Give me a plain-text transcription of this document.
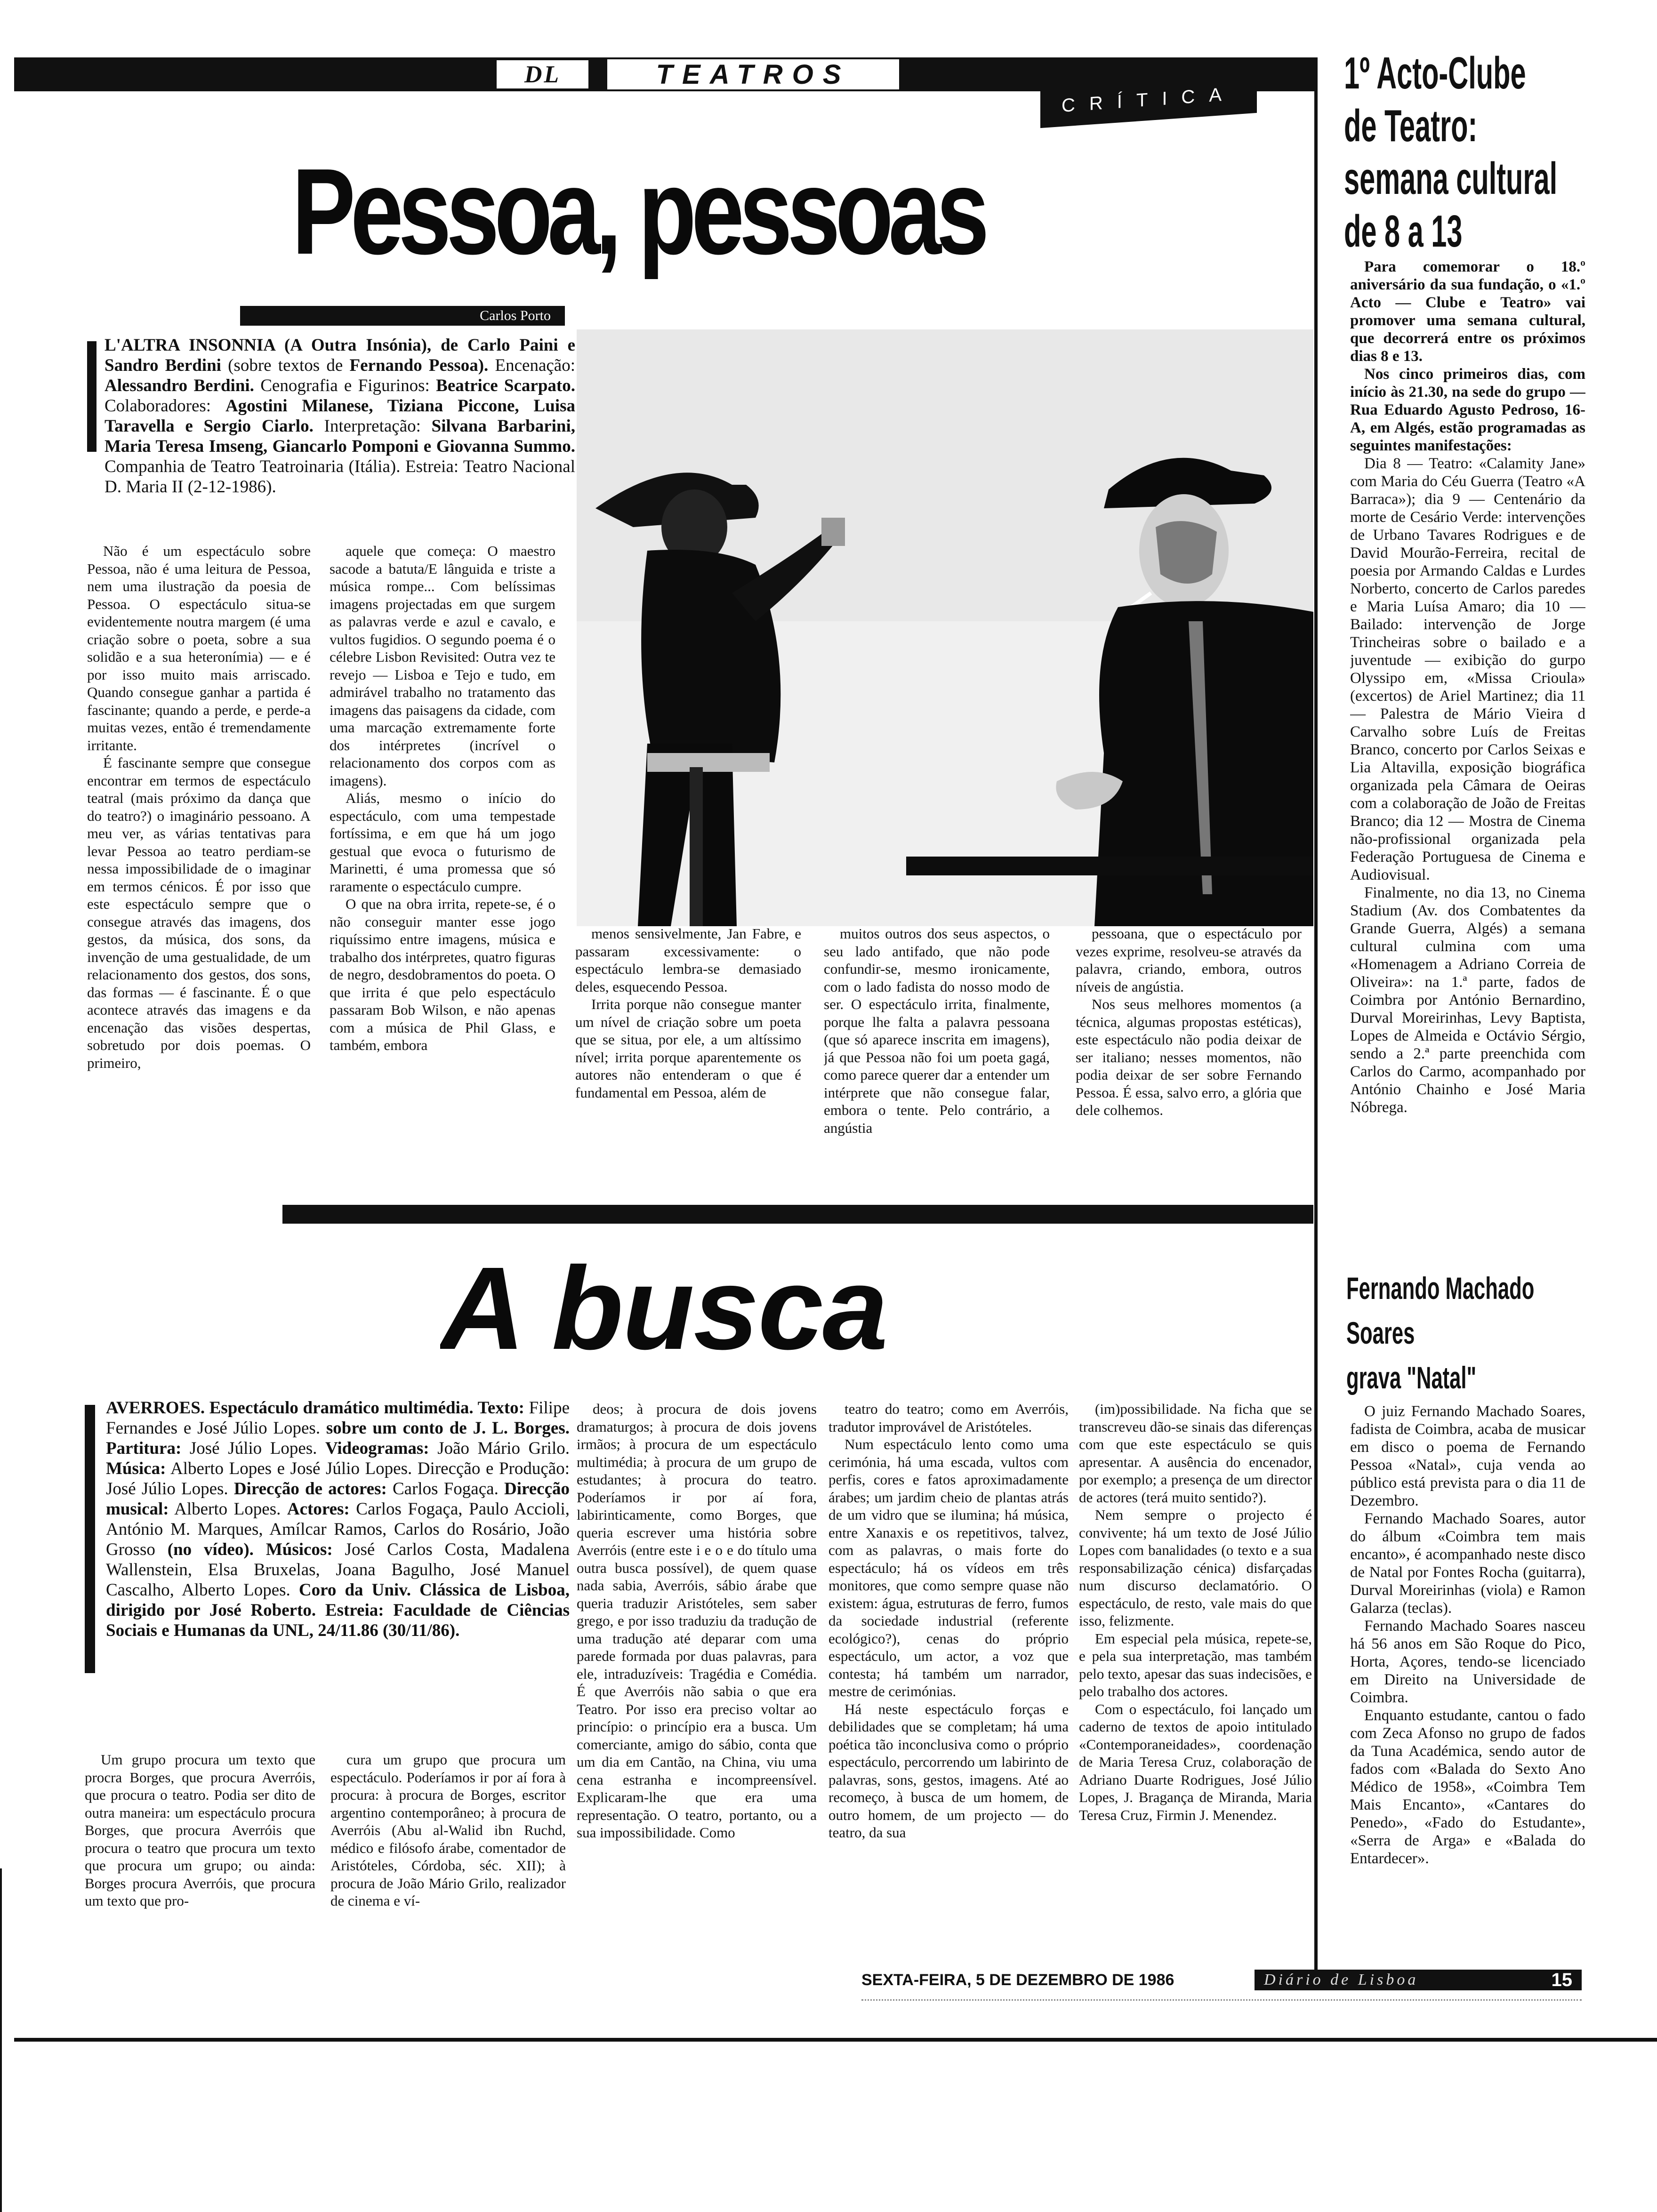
DL	TEATROS
CRÍTICA
Pessoa, pessoas
Carlos Porto
L'ALTRA INSONNIA (A Outra Insónia), de Carlo Paini e Sandro Berdini (sobre textos de Fernando Pessoa). Encenação: Alessandro Berdini. Cenografia e Figurinos: Beatrice Scarpato. Colaboradores: Agostini Milanese, Tiziana Piccone, Luisa Taravella e Sergio Ciarlo. Interpretação: Silvana Barbarini, Maria Teresa Imseng, Giancarlo Pomponi e Giovanna Summo. Companhia de Teatro Teatroinaria (Itália). Estreia: Teatro Nacional D. Maria II (2-12-1986).

Não é um espectáculo sobre Pessoa, não é uma leitura de Pessoa, nem uma ilustração da poesia de Pessoa. O espectáculo situa-se evidentemente noutra margem (é uma criação sobre o poeta, sobre a sua solidão e a sua heteronímia) — e é por isso muito mais arriscado. Quando consegue ganhar a partida é fascinante; quando a perde, e perde-a muitas vezes, então é tremendamente irritante.

É fascinante sempre que consegue encontrar em termos de espectáculo teatral (mais próximo da dança que do teatro?) o imaginário pessoano. A meu ver, as várias tentativas para levar Pessoa ao teatro perdiam-se nessa impossibilidade de o imaginar em termos cénicos. É por isso que este espectáculo sempre que o consegue através das imagens, dos gestos, da música, dos sons, da invenção de uma gestualidade, de um relacionamento dos gestos, dos sons, das formas — é fascinante. É o que acontece através das imagens e da encenação das visões despertas, sobretudo por dois poemas. O primeiro,

aquele que começa: O maestro sacode a batuta/E lânguida e triste a música rompe... Com belíssimas imagens projectadas em que surgem as palavras verde e azul e cavalo, e vultos fugidios. O segundo poema é o célebre Lisbon Revisited: Outra vez te revejo — Lisboa e Tejo e tudo, em admirável trabalho no tratamento das imagens das paisagens da cidade, com uma marcação extremamente forte dos intérpretes (incrível o relacionamento dos corpos com as imagens).

Aliás, mesmo o início do espectáculo, com uma tempestade fortíssima, e em que há um jogo gestual que evoca o futurismo de Marinetti, é uma promessa que só raramente o espectáculo cumpre.

O que na obra irrita, repete-se, é o não conseguir manter esse jogo riquíssimo entre imagens, música e trabalho dos intérpretes, quatro figuras de negro, desdobramentos do poeta. O que irrita é que pelo espectáculo passaram Bob Wilson, e não apenas com a música de Phil Glass, e também, embora

menos sensivelmente, Jan Fabre, e passaram excessivamente: o espectáculo lembra-se demasiado deles, esquecendo Pessoa.

Irrita porque não consegue manter um nível de criação sobre um poeta que se situa, por ele, a um altíssimo nível; irrita porque aparentemente os autores não entenderam o que é fundamental em Pessoa, além de

muitos outros dos seus aspectos, o seu lado antifado, que não pode confundir-se, mesmo ironicamente, com o lado fadista do nosso modo de ser. O espectáculo irrita, finalmente, porque lhe falta a palavra pessoana (que só aparece inscrita em imagens), já que Pessoa não foi um poeta gagá, como parece querer dar a entender um intérprete que não consegue falar, embora o tente. Pelo contrário, a angústia

pessoana, que o espectáculo por vezes exprime, resolveu-se através da palavra, criando, embora, outros níveis de angústia.

Nos seus melhores momentos (a técnica, algumas propostas estéticas), este espectáculo não podia deixar de ser italiano; nesses momentos, não podia deixar de ser sobre Fernando Pessoa. É essa, salvo erro, a glória que dele colhemos.

A busca
AVERROES. Espectáculo dramático multimédia. Texto: Filipe Fernandes e José Júlio Lopes. sobre um conto de J. L. Borges. Partitura: José Júlio Lopes. Videogramas: João Mário Grilo. Música: Alberto Lopes e José Júlio Lopes. Direcção e Produção: José Júlio Lopes. Direcção de actores: Carlos Fogaça. Direcção musical: Alberto Lopes. Actores: Carlos Fogaça, Paulo Accioli, António M. Marques, Amílcar Ramos, Carlos do Rosário, João Grosso (no vídeo). Músicos: José Carlos Costa, Madalena Wallenstein, Elsa Bruxelas, Joana Bagulho, José Manuel Cascalho, Alberto Lopes. Coro da Univ. Clássica de Lisboa, dirigido por José Roberto. Estreia: Faculdade de Ciências Sociais e Humanas da UNL, 24/11.86 (30/11/86).

Um grupo procura um texto que procra Borges, que procura Averróis, que procura o teatro. Podia ser dito de outra maneira: um espectáculo procura Borges, que procura Averróis que procura o teatro que procura um texto que procura um grupo; ou ainda: Borges procura Averróis, que procura um texto que pro-

cura um grupo que procura um espectáculo. Poderíamos ir por aí fora à procura: à procura de Borges, escritor argentino contemporâneo; à procura de Averróis (Abu al-Walid ibn Ruchd, médico e filósofo árabe, comentador de Aristóteles, Córdoba, séc. XII); à procura de João Mário Grilo, realizador de cinema e ví-

deos; à procura de dois jovens dramaturgos; à procura de dois jovens irmãos; à procura de um espectáculo multimédia; à procura de um grupo de estudantes; à procura do teatro. Poderíamos ir por aí fora, labirinticamente, como Borges, que queria escrever uma história sobre Averróis (entre este i e o e do título uma outra busca possível), de quem quase nada sabia, Averróis, sábio árabe que queria traduzir Aristóteles, sem saber grego, e por isso traduziu da tradução de uma tradução até deparar com uma parede formada por duas palavras, para ele, intraduzíveis: Tragédia e Comédia. É que Averróis não sabia o que era Teatro. Por isso era preciso voltar ao princípio: o princípio era a busca. Um comerciante, amigo do sábio, conta que um dia em Cantão, na China, viu uma cena estranha e incompreensível. Explicaram-lhe que era uma representação. O teatro, portanto, ou a sua impossibilidade. Como

teatro do teatro; como em Averróis, tradutor improvável de Aristóteles.

Num espectáculo lento como uma cerimónia, há uma escada, vultos com perfis, cores e fatos aproximadamente árabes; um jardim cheio de plantas atrás de um vidro que se ilumina; há música, entre Xanaxis e os repetitivos, talvez, com as palavras, o mais forte do espectáculo; há os vídeos em três monitores, que como sempre quase não existem: água, estruturas de ferro, fumos da sociedade industrial (referente ecológico?), cenas do próprio espectáculo, um actor, a voz que contesta; há também um narrador, mestre de cerimónias.

Há neste espectáculo forças e debilidades que se completam; há uma poética tão inconclusiva como o próprio espectáculo, percorrendo um labirinto de palavras, sons, gestos, imagens. Até ao recomeço, à busca de um homem, de outro homem, de um projecto — do teatro, da sua

(im)possibilidade. Na ficha que se transcreveu dão-se sinais das diferenças com que este espectáculo se quis apresentar. A ausência do encenador, por exemplo; a presença de um director de actores (terá muito sentido?).

Nem sempre o projecto é convivente; há um texto de José Júlio Lopes com banalidades (o texto e a sua responsabilização cénica) disfarçadas num discurso declamatório. O espectáculo, de resto, vale mais do que isso, felizmente.

Em especial pela música, repete-se, e pela sua interpretação, mas também pelo texto, apesar das suas indecisões, e pelo trabalho dos actores.

Com o espectáculo, foi lançado um caderno de textos de apoio intitulado «Contemporaneidades», coordenação de Maria Teresa Cruz, colaboração de Adriano Duarte Rodrigues, José Júlio Lopes, J. Bragança de Miranda, Maria Teresa Cruz, Firmin J. Menendez.

1º Acto-Clube
de Teatro:
semana cultural
de 8 a 13

Para comemorar o 18.º aniversário da sua fundação, o «1.º Acto — Clube e Teatro» vai promover uma semana cultural, que decorrerá entre os próximos dias 8 e 13.

Nos cinco primeiros dias, com início às 21.30, na sede do grupo — Rua Eduardo Agusto Pedroso, 16-A, em Algés, estão programadas as seguintes manifestações:

Dia 8 — Teatro: «Calamity Jane» com Maria do Céu Guerra (Teatro «A Barraca»); dia 9 — Centenário da morte de Cesário Verde: intervenções de Urbano Tavares Rodrigues e de David Mourão-Ferreira, recital de poesia por Armando Caldas e Lurdes Norberto, concerto de Carlos paredes e Maria Luísa Amaro; dia 10 — Bailado: intervenção de Jorge Trincheiras sobre o bailado e a juventude — exibição do gurpo Olyssipo em, «Missa Crioula» (excertos) de Ariel Martinez; dia 11 — Palestra de Mário Vieira d Carvalho sobre Luís de Freitas Branco, concerto por Carlos Seixas e Lia Altavilla, exposição biográfica organizada pela Câmara de Oeiras com a colaboração de João de Freitas Branco; dia 12 — Mostra de Cinema não-profissional organizada pela Federação Portuguesa de Cinema e Audiovisual.

Finalmente, no dia 13, no Cinema Stadium (Av. dos Combatentes da Grande Guerra, Algés) a semana cultural culmina com uma «Homenagem a Adriano Correia de Oliveira»: na 1.ª parte, fados de Coimbra por António Bernardino, Durval Moreirinhas, Levy Baptista, Lopes de Almeida e Octávio Sérgio, sendo a 2.ª parte preenchida com Carlos do Carmo, acompanhado por António Chainho e José Maria Nóbrega.

Fernando Machado
Soares
grava "Natal"

O juiz Fernando Machado Soares, fadista de Coimbra, acaba de musicar em disco o poema de Fernando Pessoa «Natal», cuja venda ao público está prevista para o dia 11 de Dezembro.

Fernando Machado Soares, autor do álbum «Coimbra tem mais encanto», é acompanhado neste disco de Natal por Fontes Rocha (guitarra), Durval Moreirinhas (viola) e Ramon Galarza (teclas).

Fernando Machado Soares nasceu há 56 anos em São Roque do Pico, Horta, Açores, tendo-se licenciado em Direito na Universidade de Coimbra.

Enquanto estudante, cantou o fado com Zeca Afonso no grupo de fados da Tuna Académica, sendo autor de fados com «Balada do Sexto Ano Médico de 1958», «Coimbra Tem Mais Encanto», «Cantares do Penedo», «Fado do Estudante», «Serra de Arga» e «Balada do Entardecer».

SEXTA-FEIRA, 5 DE DEZEMBRO DE 1986	Diário de Lisboa	15
